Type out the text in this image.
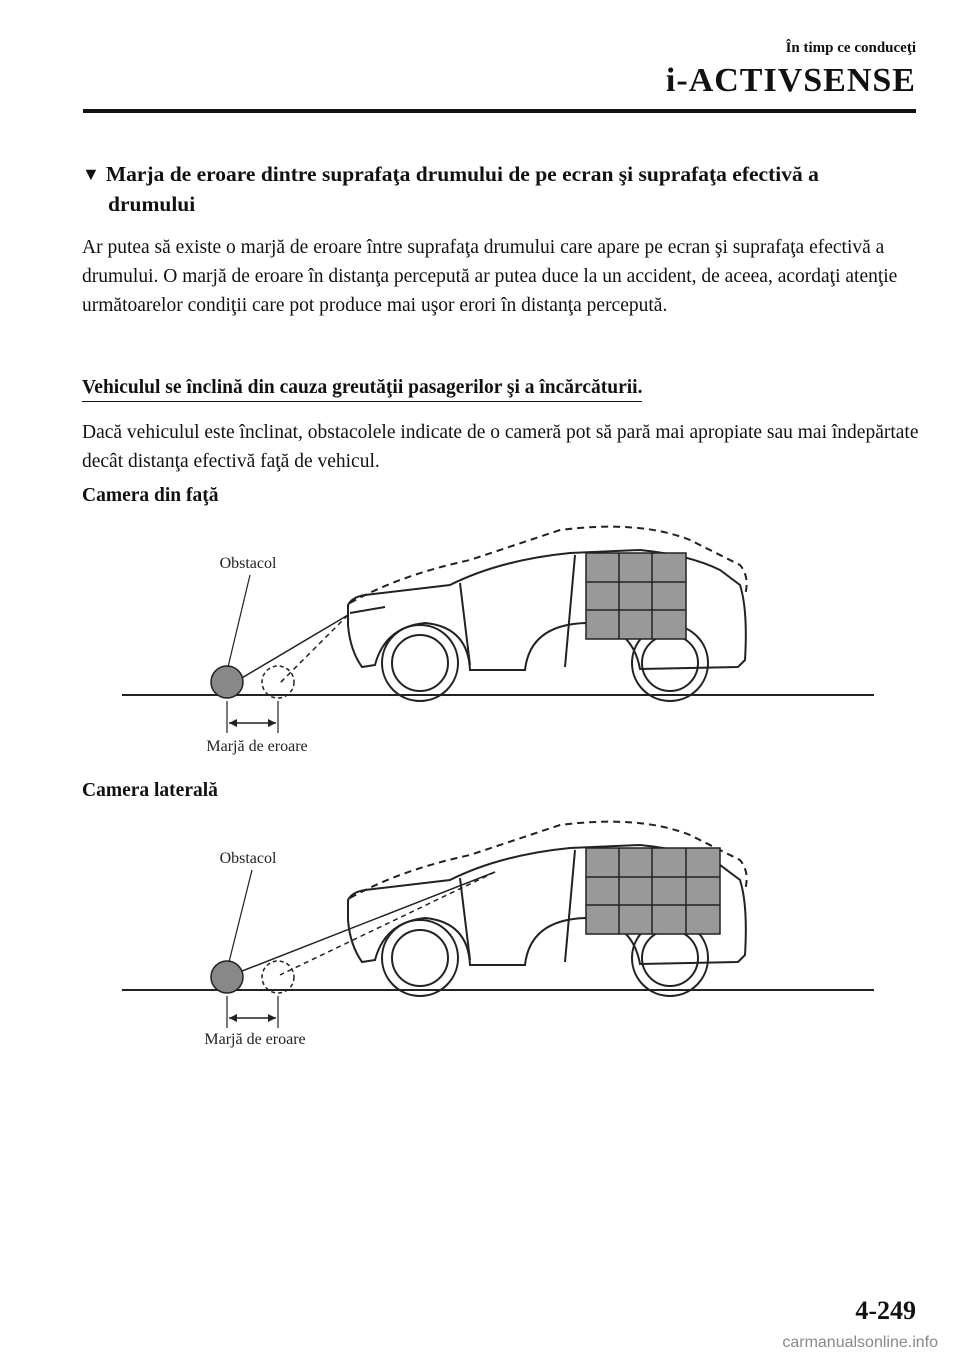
În timp ce conduceţi
i-ACTIVSENSE
▼ Marja de eroare dintre suprafaţa drumului de pe ecran şi suprafaţa efectivă a
drumului
Ar putea să existe o marjă de eroare între suprafaţa drumului care apare pe ecran şi suprafaţa efectivă a drumului. O marjă de eroare în distanţa percepută ar putea duce la un accident, de aceea, acordaţi atenţie următoarelor condiţii care pot produce mai uşor erori în distanţa percepută.
Vehiculul se înclină din cauza greutăţii pasagerilor şi a încărcăturii.
Dacă vehiculul este înclinat, obstacolele indicate de o cameră pot să pară mai apropiate sau mai îndepărtate decât distanţa efectivă faţă de vehicul.
Camera din faţă
Obstacol
Marjă de eroare
Camera laterală
Obstacol
Marjă de eroare
4-249
carmanualsonline.info
